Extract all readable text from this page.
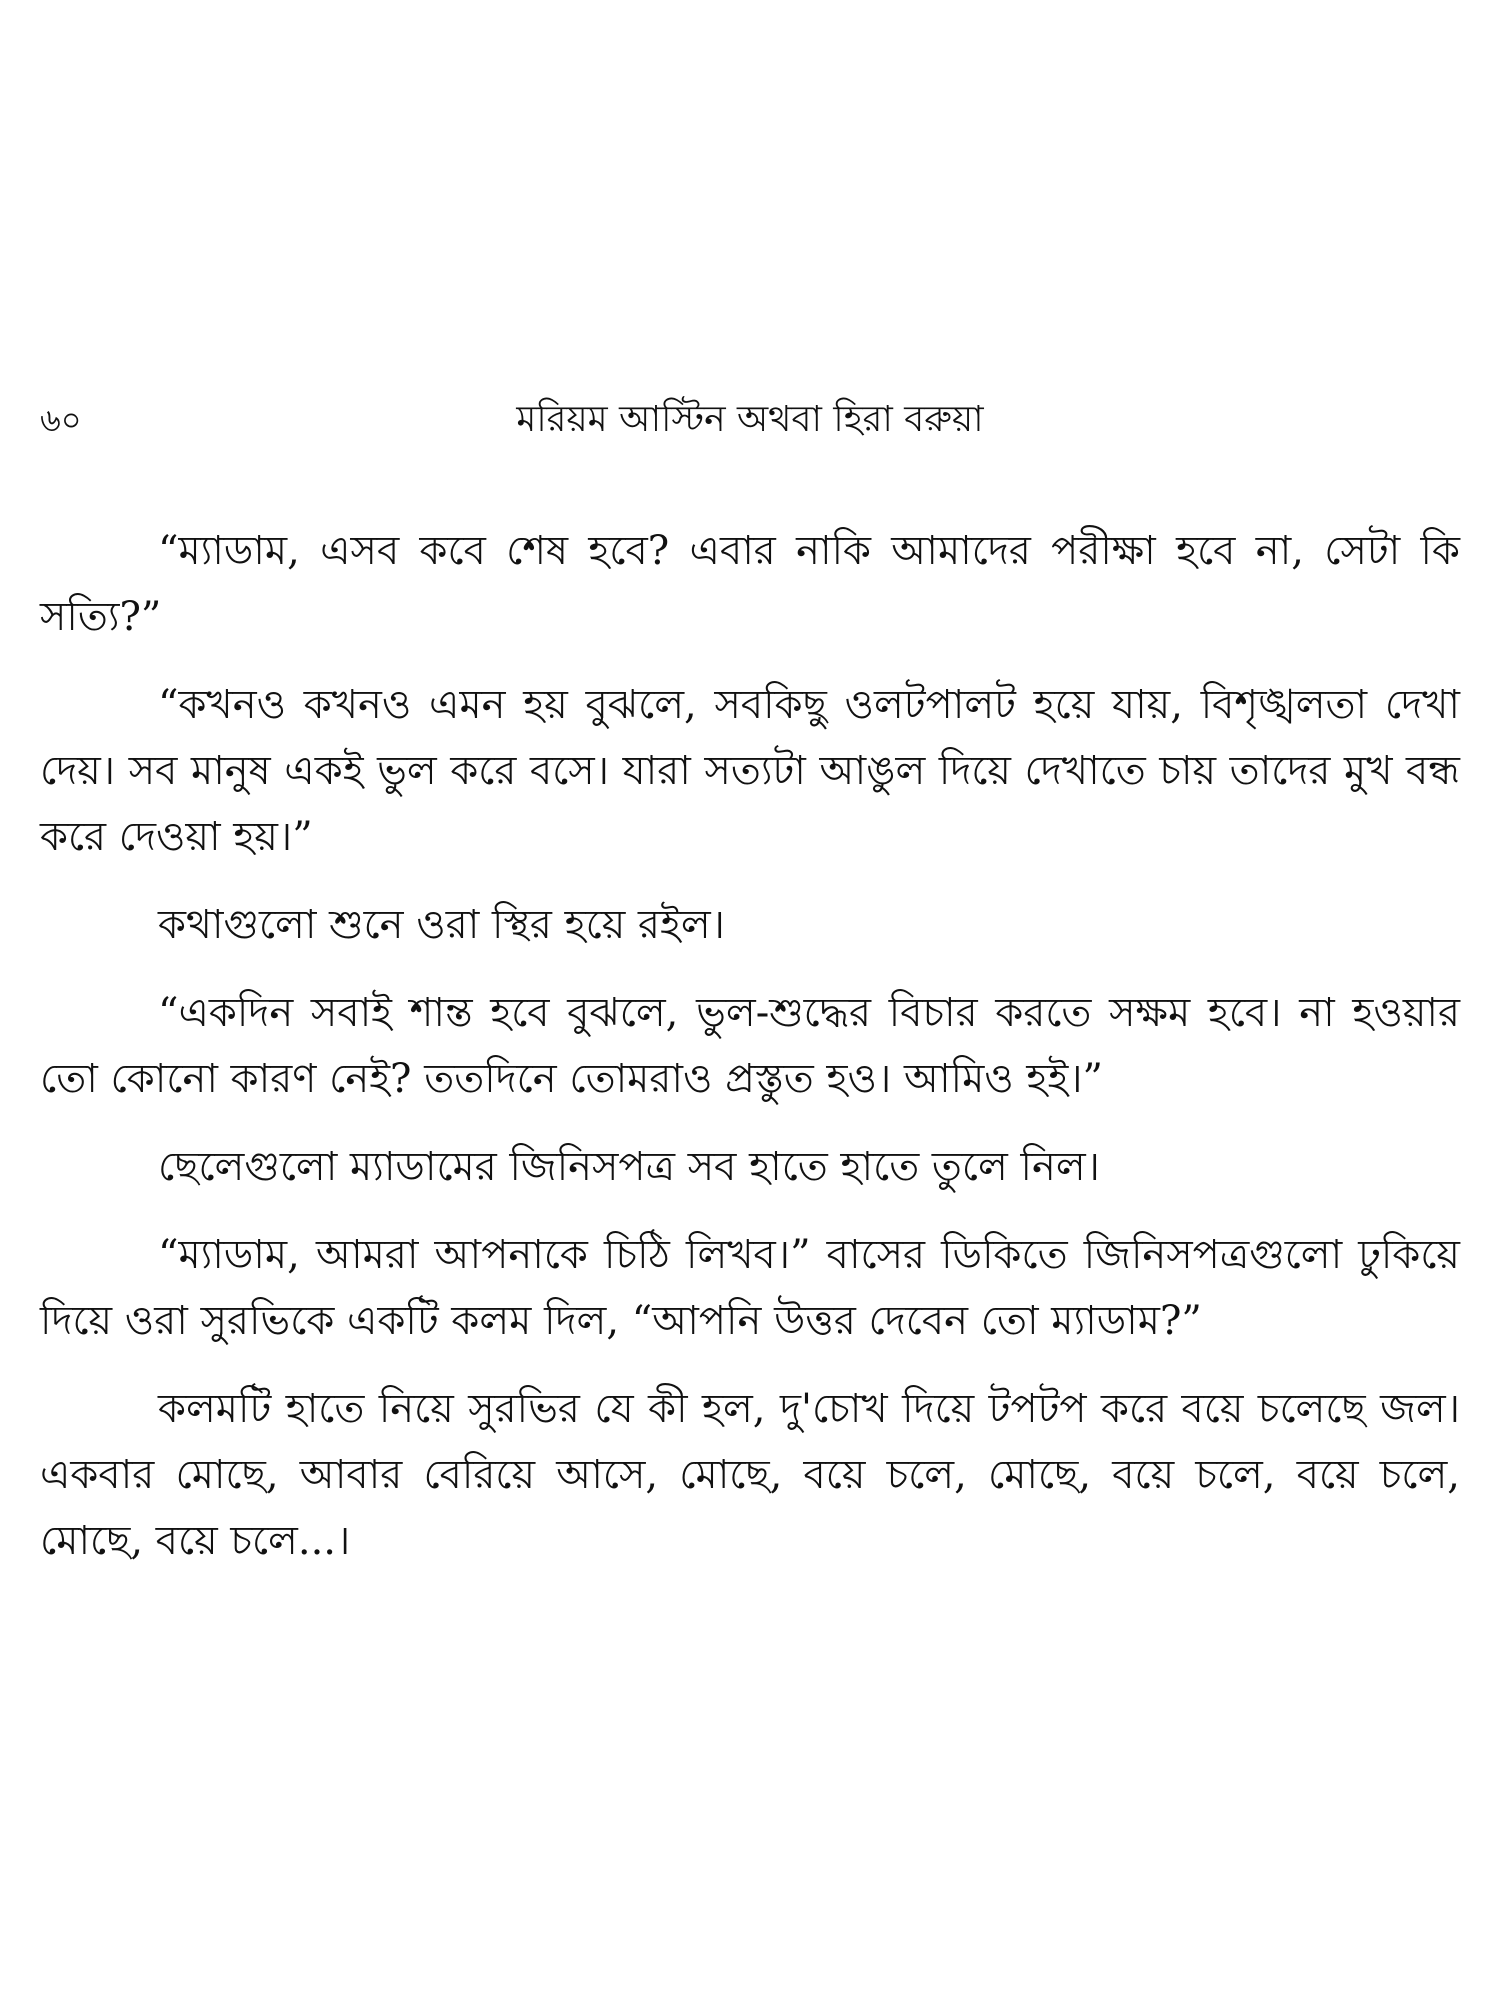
৬০	মরিয়ম আস্টিন অথবা হিরা বরুয়া

“ম্যাডাম, এসব কবে শেষ হবে? এবার নাকি আমাদের পরীক্ষা হবে না, সেটা কি সত্যি?”

“কখনও কখনও এমন হয় বুঝলে, সবকিছু ওলটপালট হয়ে যায়, বিশৃঙ্খলতা দেখা দেয়। সব মানুষ একই ভুল করে বসে। যারা সত্যটা আঙুল দিয়ে দেখাতে চায় তাদের মুখ বন্ধ করে দেওয়া হয়।”

কথাগুলো শুনে ওরা স্থির হয়ে রইল।

“একদিন সবাই শান্ত হবে বুঝলে, ভুল-শুদ্ধের বিচার করতে সক্ষম হবে। না হওয়ার তো কোনো কারণ নেই? ততদিনে তোমরাও প্রস্তুত হও। আমিও হই।”

ছেলেগুলো ম্যাডামের জিনিসপত্র সব হাতে হাতে তুলে নিল।

“ম্যাডাম, আমরা আপনাকে চিঠি লিখব।” বাসের ডিকিতে জিনিসপত্রগুলো ঢুকিয়ে দিয়ে ওরা সুরভিকে একটি কলম দিল, “আপনি উত্তর দেবেন তো ম্যাডাম?”

কলমটি হাতে নিয়ে সুরভির যে কী হল, দু'চোখ দিয়ে টপটপ করে বয়ে চলেছে জল। একবার মোছে, আবার বেরিয়ে আসে, মোছে, বয়ে চলে, মোছে, বয়ে চলে, বয়ে চলে, মোছে, বয়ে চলে...।
